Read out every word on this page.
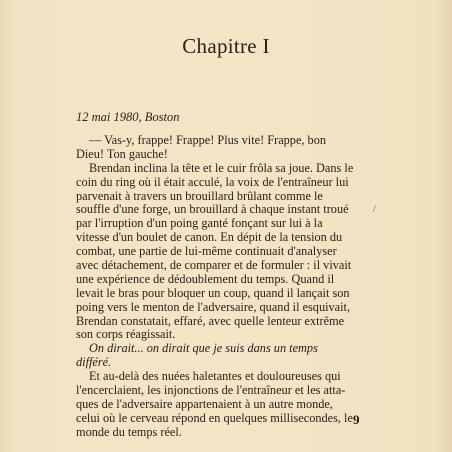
Chapitre I
12 mai 1980, Boston
— Vas-y, frappe! Frappe! Plus vite! Frappe, bon
Dieu! Ton gauche!
Brendan inclina la tête et le cuir frôla sa joue. Dans le
coin du ring où il était acculé, la voix de l'entraîneur lui
parvenait à travers un brouillard brûlant comme le
souffle d'une forge, un brouillard à chaque instant troué
par l'irruption d'un poing ganté fonçant sur lui à la
vitesse d'un boulet de canon. En dépit de la tension du
combat, une partie de lui-même continuait d'analyser
avec détachement, de comparer et de formuler : il vivait
une expérience de dédoublement du temps. Quand il
levait le bras pour bloquer un coup, quand il lançait son
poing vers le menton de l'adversaire, quand il esquivait,
Brendan constatait, effaré, avec quelle lenteur extrême
son corps réagissait.
On dirait... on dirait que je suis dans un temps
différé.
Et au-delà des nuées haletantes et douloureuses qui
l'encerclaient, les injonctions de l'entraîneur et les atta-
ques de l'adversaire appartenaient à un autre monde,
celui où le cerveau répond en quelques millisecondes, le
monde du temps réel.
/
9
